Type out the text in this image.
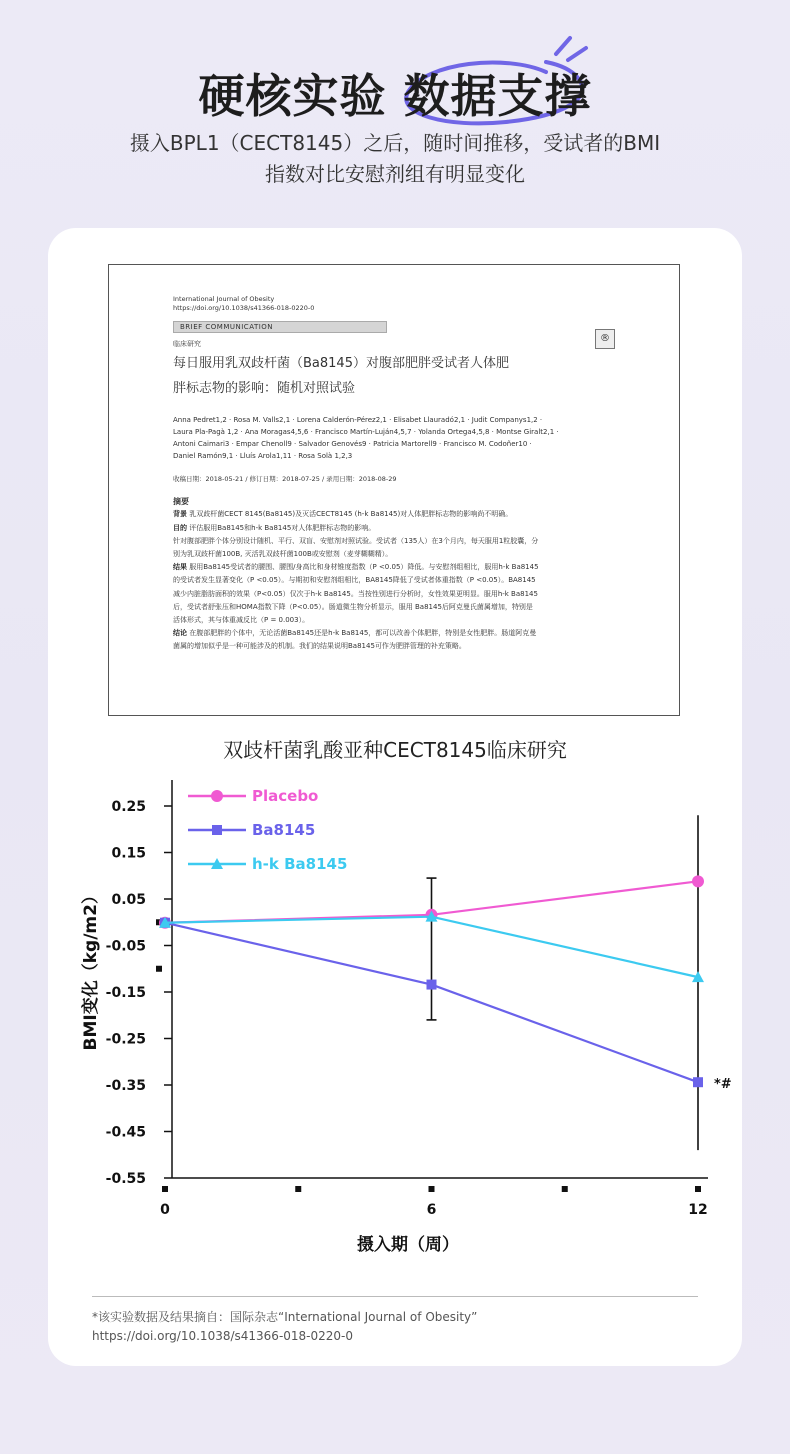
硬核实验 数据支撑
摄入BPL1（CECT8145）之后，随时间推移，受试者的BMI
指数对比安慰剂组有明显变化
International Journal of Obesity
https://doi.org/10.1038/s41366-018-0220-0
BRIEF COMMUNICATION
®
临床研究
每日服用乳双歧杆菌（Ba8145）对腹部肥胖受试者人体肥
胖标志物的影响：随机对照试验
Anna Pedret1,2 · Rosa M. Valls2,1 · Lorena Calderón-Pérez2,1 · Elisabet Llauradó2,1 · Judit Companys1,2 ·
Laura Pla-Pagà 1,2 · Ana Moragas4,5,6 · Francisco Martín-Luján4,5,7 · Yolanda Ortega4,5,8 · Montse Giralt2,1 ·
Antoni Caimari3 · Empar Chenoll9 · Salvador Genovés9 · Patricia Martorell9 · Francisco M. Codoñer10 ·
Daniel Ramón9,1 · Lluís Arola1,11 · Rosa Solà 1,2,3
收稿日期：2018-05-21 / 修订日期：2018-07-25 / 录用日期：2018-08-29
摘要
背景 乳双歧杆菌CECT 8145(Ba8145)及灭活CECT8145 (h-k Ba8145)对人体肥胖标志物的影响尚不明确。
目的 评估服用Ba8145和h-k Ba8145对人体肥胖标志物的影响。
针对腹部肥胖个体分别设计随机、平行、双盲、安慰剂对照试验。受试者（135人）在3个月内，每天服用1粒胶囊，分
别为乳双歧杆菌100B, 灭活乳双歧杆菌100B或安慰剂（麦芽糊糊精）。
结果 服用Ba8145受试者的腰围、腰围/身高比和身材锥度指数（P <0.05）降低。与安慰剂组相比，服用h-k Ba8145
的受试者发生显著变化（P <0.05）。与期初和安慰剂组相比，BA8145降低了受试者体重指数（P <0.05）。BA8145
减少内脏脂肪面积的效果（P<0.05）仅次于h-k Ba8145。当按性别进行分析时，女性效果更明显。服用h-k Ba8145
后，受试者舒张压和HOMA指数下降（P<0.05）。肠道微生物分析显示，服用 Ba8145后阿克曼氏菌属增加，特别是
活体形式，其与体重减反比（P = 0.003）。
结论 在腹部肥胖的个体中，无论活菌Ba8145还是h-k Ba8145，都可以改善个体肥胖，特别是女性肥胖。肠道阿克曼
菌属的增加似乎是一种可能涉及的机制。我们的结果说明Ba8145可作为肥胖管理的补充策略。
双歧杆菌乳酸亚种CECT8145临床研究
0.25
0.15
0.05
-0.05
-0.15
-0.25
-0.35
-0.45
-0.55
0	6	12
摄入期（周）
BMI变化（kg/m2）
*#
Placebo
Ba8145
h-k Ba8145
*该实验数据及结果摘自：国际杂志“International Journal of Obesity”
https://doi.org/10.1038/s41366-018-0220-0
